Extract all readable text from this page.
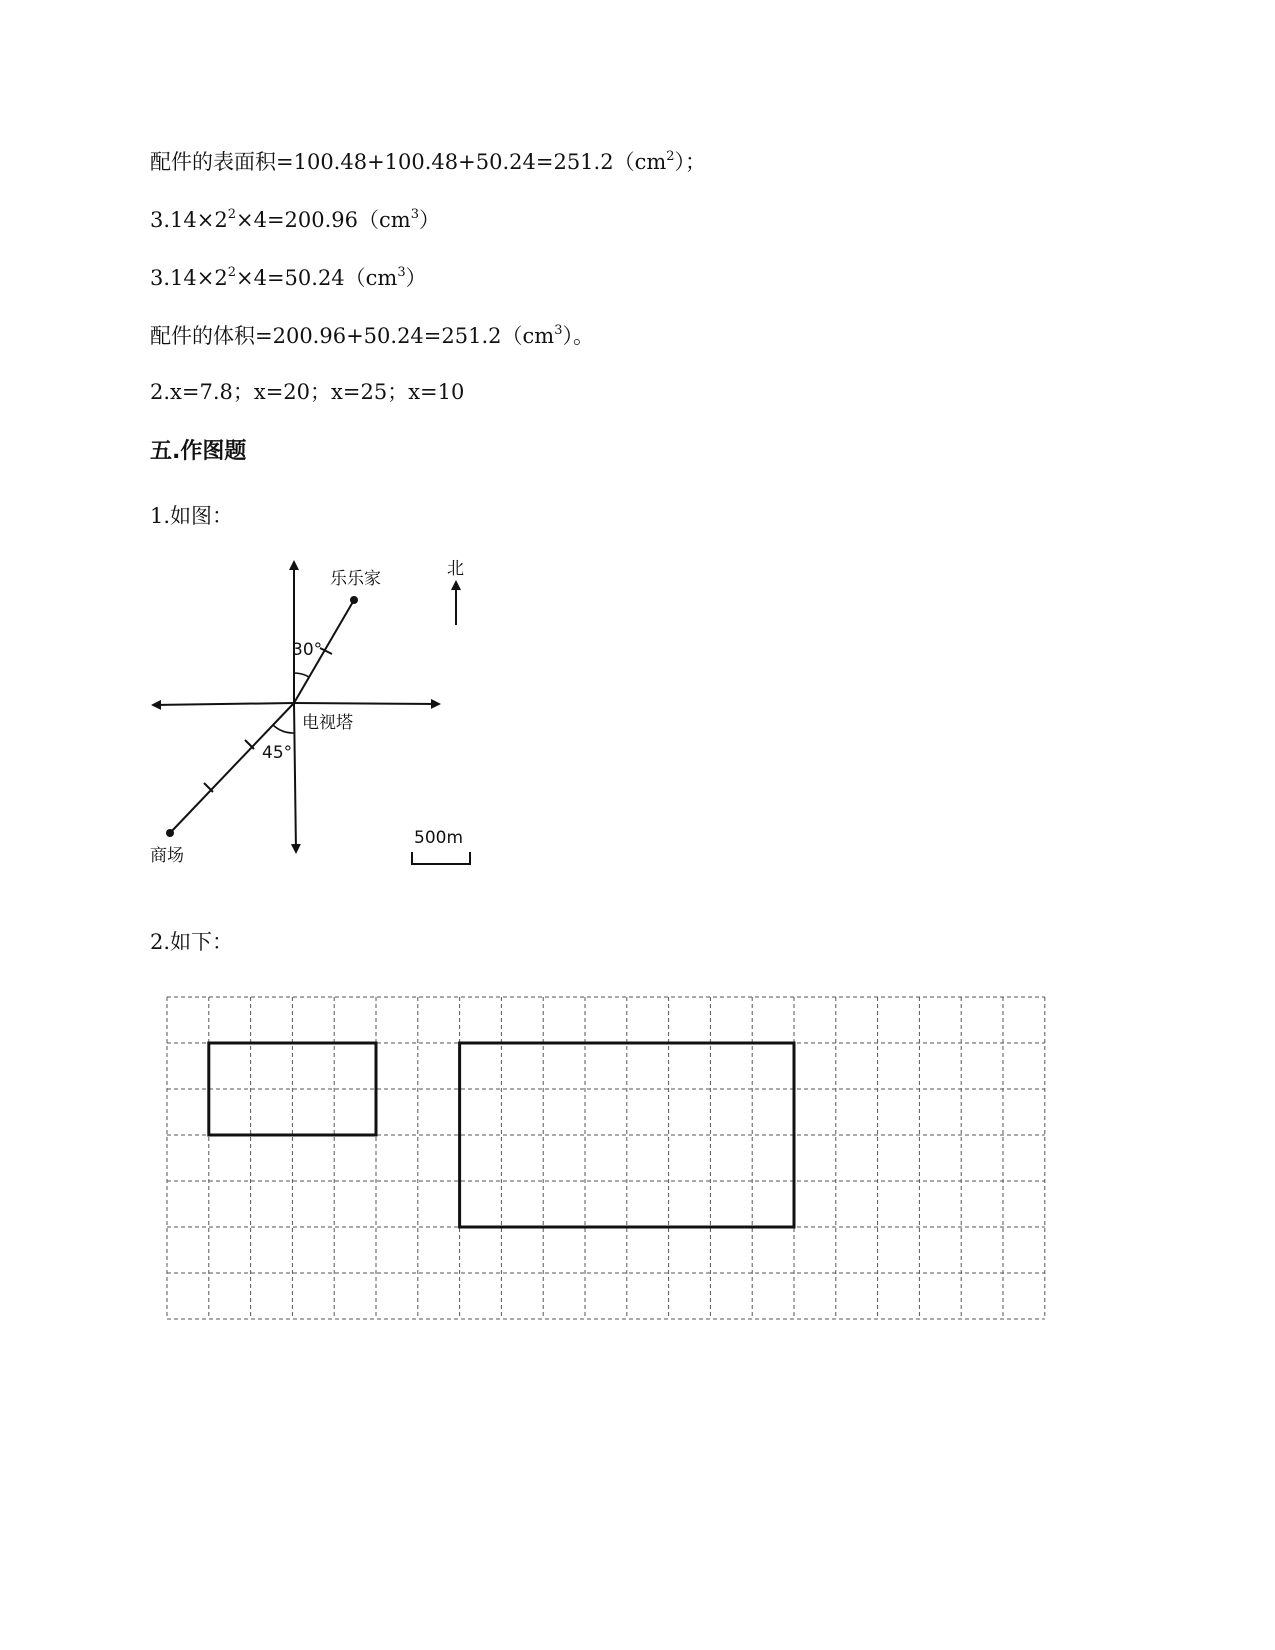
配件的表面积$=100.48+100.48+50.24=251.2(cm^2)$；
$3.14\times 2^2\times 4=200.96(cm^3)$
$3.14\times 2^2\times 4=50.24(cm^3)$
配件的体积$=200.96+50.24=251.2(cm^3)$。
2.x=7.8；x=20；x=25；x=10
五.作图题
1.如图：
乐乐家	北
30°
电视塔
45°
商场
500m
2.如下：
